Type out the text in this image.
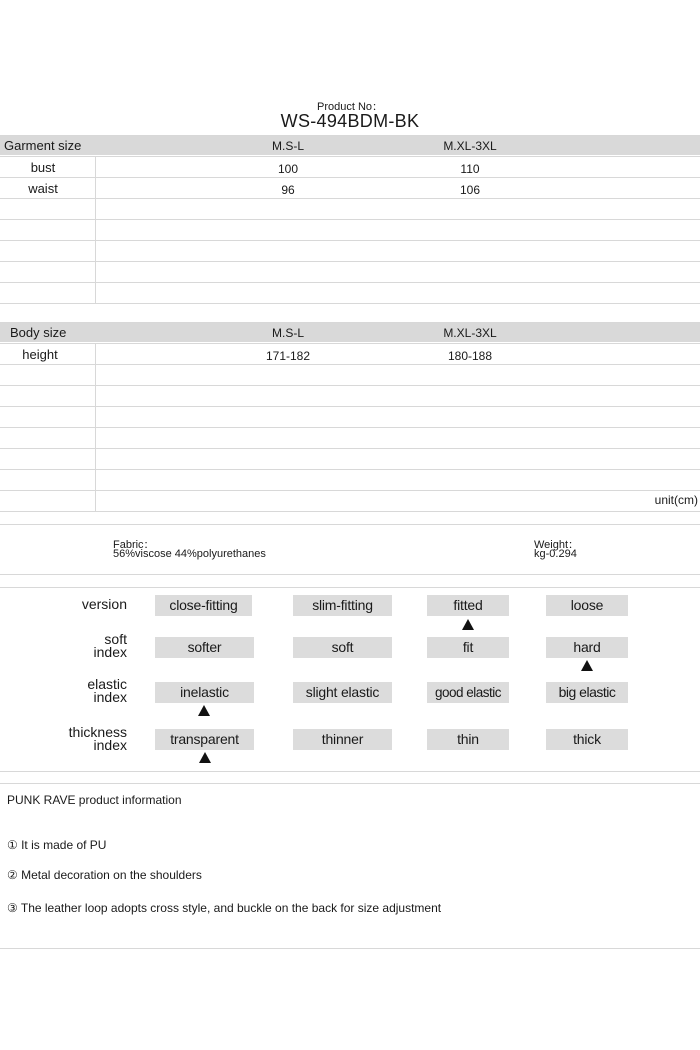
Product No：
WS-494BDM-BK
Garment size	M.S-L	M.XL-3XL
bust	100	110
waist	96	106
Body size	M.S-L	M.XL-3XL
height	171-182	180-188
unit(cm)
Fabric：
56%viscose 44%polyurethanes
Weight：
kg-0.294
version	close-fitting	slim-fitting	fitted	loose
soft
index	softer	soft	fit	hard
elastic
index	inelastic	slight elastic	good elastic	big elastic
thickness
index	transparent	thinner	thin	thick
PUNK RAVE product information
① It is made of PU
② Metal decoration on the shoulders
③ The leather loop adopts cross style, and buckle on the back for size adjustment
